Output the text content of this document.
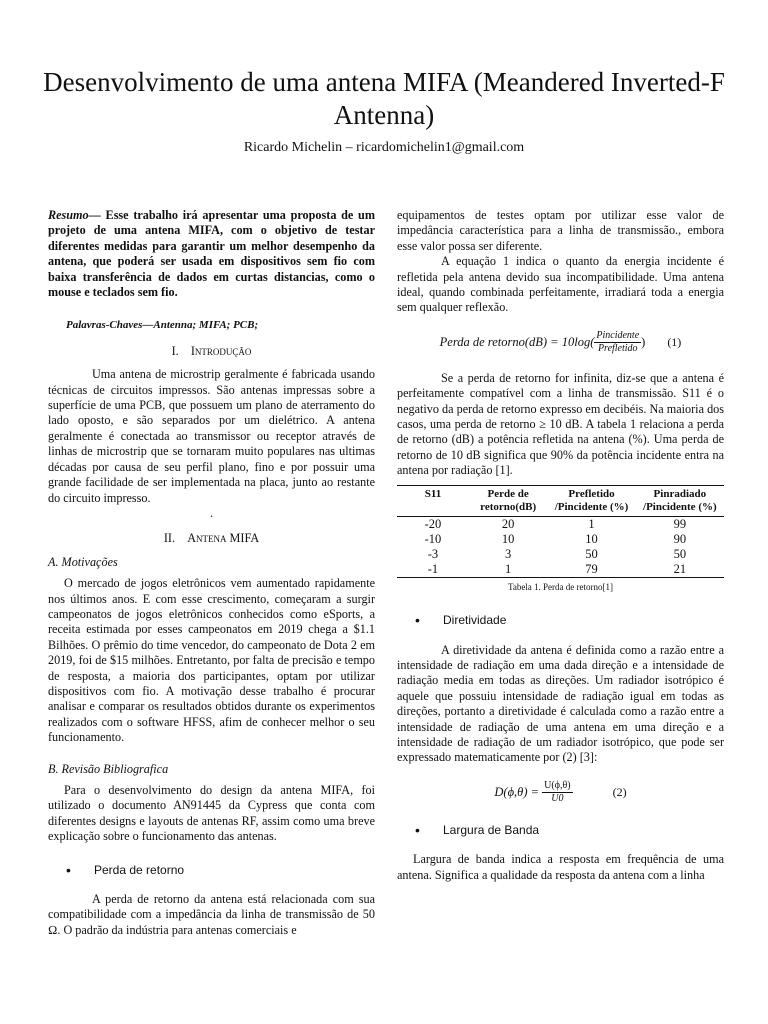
Desenvolvimento de uma antena MIFA (Meandered Inverted-F Antenna)
Ricardo Michelin – ricardomichelin1@gmail.com

Resumo— Esse trabalho irá apresentar uma proposta de um projeto de uma antena MIFA, com o objetivo de testar diferentes medidas para garantir um melhor desempenho da antena, que poderá ser usada em dispositivos sem fio com baixa transferência de dados em curtas distancias, como o mouse e teclados sem fio.

Palavras-Chaves—Antenna; MIFA; PCB;

I. Introdução

Uma antena de microstrip geralmente é fabricada usando técnicas de circuitos impressos. São antenas impressas sobre a superfície de uma PCB, que possuem um plano de aterramento do lado oposto, e são separados por um dielétrico. A antena geralmente é conectada ao transmissor ou receptor através de linhas de microstrip que se tornaram muito populares nas ultimas décadas por causa de seu perfil plano, fino e por possuir uma grande facilidade de ser implementada na placa, junto ao restante do circuito impresso.

.

II. Antena MIFA

A. Motivações

O mercado de jogos eletrônicos vem aumentado rapidamente nos últimos anos. E com esse crescimento, começaram a surgir campeonatos de jogos eletrônicos conhecidos como eSports, a receita estimada por esses campeonatos em 2019 chega a $1.1 Bilhões. O prêmio do time vencedor, do campeonato de Dota 2 em 2019, foi de $15 milhões. Entretanto, por falta de precisão e tempo de resposta, a maioria dos participantes, optam por utilizar dispositivos com fio. A motivação desse trabalho é procurar analisar e comparar os resultados obtidos durante os experimentos realizados com o software HFSS, afim de conhecer melhor o seu funcionamento.

B. Revisão Bibliografica

Para o desenvolvimento do design da antena MIFA, foi utilizado o documento AN91445 da Cypress que conta com diferentes designs e layouts de antenas RF, assim como uma breve explicação sobre o funcionamento das antenas.

•	Perda de retorno

A perda de retorno da antena está relacionada com sua compatibilidade com a impedância da linha de transmissão de 50 Ω. O padrão da indústria para antenas comerciais e

equipamentos de testes optam por utilizar esse valor de impedância característica para a linha de transmissão., embora esse valor possa ser diferente.

A equação 1 indica o quanto da energia incidente é refletida pela antena devido sua incompatibilidade. Uma antena ideal, quando combinada perfeitamente, irradiará toda a energia sem qualquer reflexão.

Perda de retorno(dB) = $10\log( \frac{\text{Pincidente}}{\text{Prefletido}}$ ) (1)

Se a perda de retorno for infinita, diz-se que a antena é perfeitamente compatível com a linha de transmissão. S11 é o negativo da perda de retorno expresso em decibéis. Na maioria dos casos, uma perda de retorno ≥ 10 dB. A tabela 1 relaciona a perda de retorno (dB) a potência refletida na antena (%). Uma perda de retorno de 10 dB significa que 90% da potência incidente entra na antena por radiação [1].

S11	Perde de retorno(dB)	Prefletido /Pincidente (%)	Pinradiado /Pincidente (%)
-20	20	1	99
-10	10	10	90
-3	3	50	50
-1	1	79	21
Tabela 1. Perda de retorno[1]
•	Diretividade

A diretividade da antena é definida como a razão entre a intensidade de radiação em uma dada direção e a intensidade de radiação media em todas as direções. Um radiador isotrópico é aquele que possuiu intensidade de radiação igual em todas as direções, portanto a diretividade é calculada como a razão entre a intensidade de radiação de uma antena em uma direção e a intensidade de radiação de um radiador isotrópico, que pode ser expressado matematicamente por (2) [3]:

D(ϕ,θ) =
$\frac{U(\phi,\theta)}{U0}$	(2)
•	Largura de Banda

Largura de banda indica a resposta em frequência de uma antena. Significa a qualidade da resposta da antena com a linha
